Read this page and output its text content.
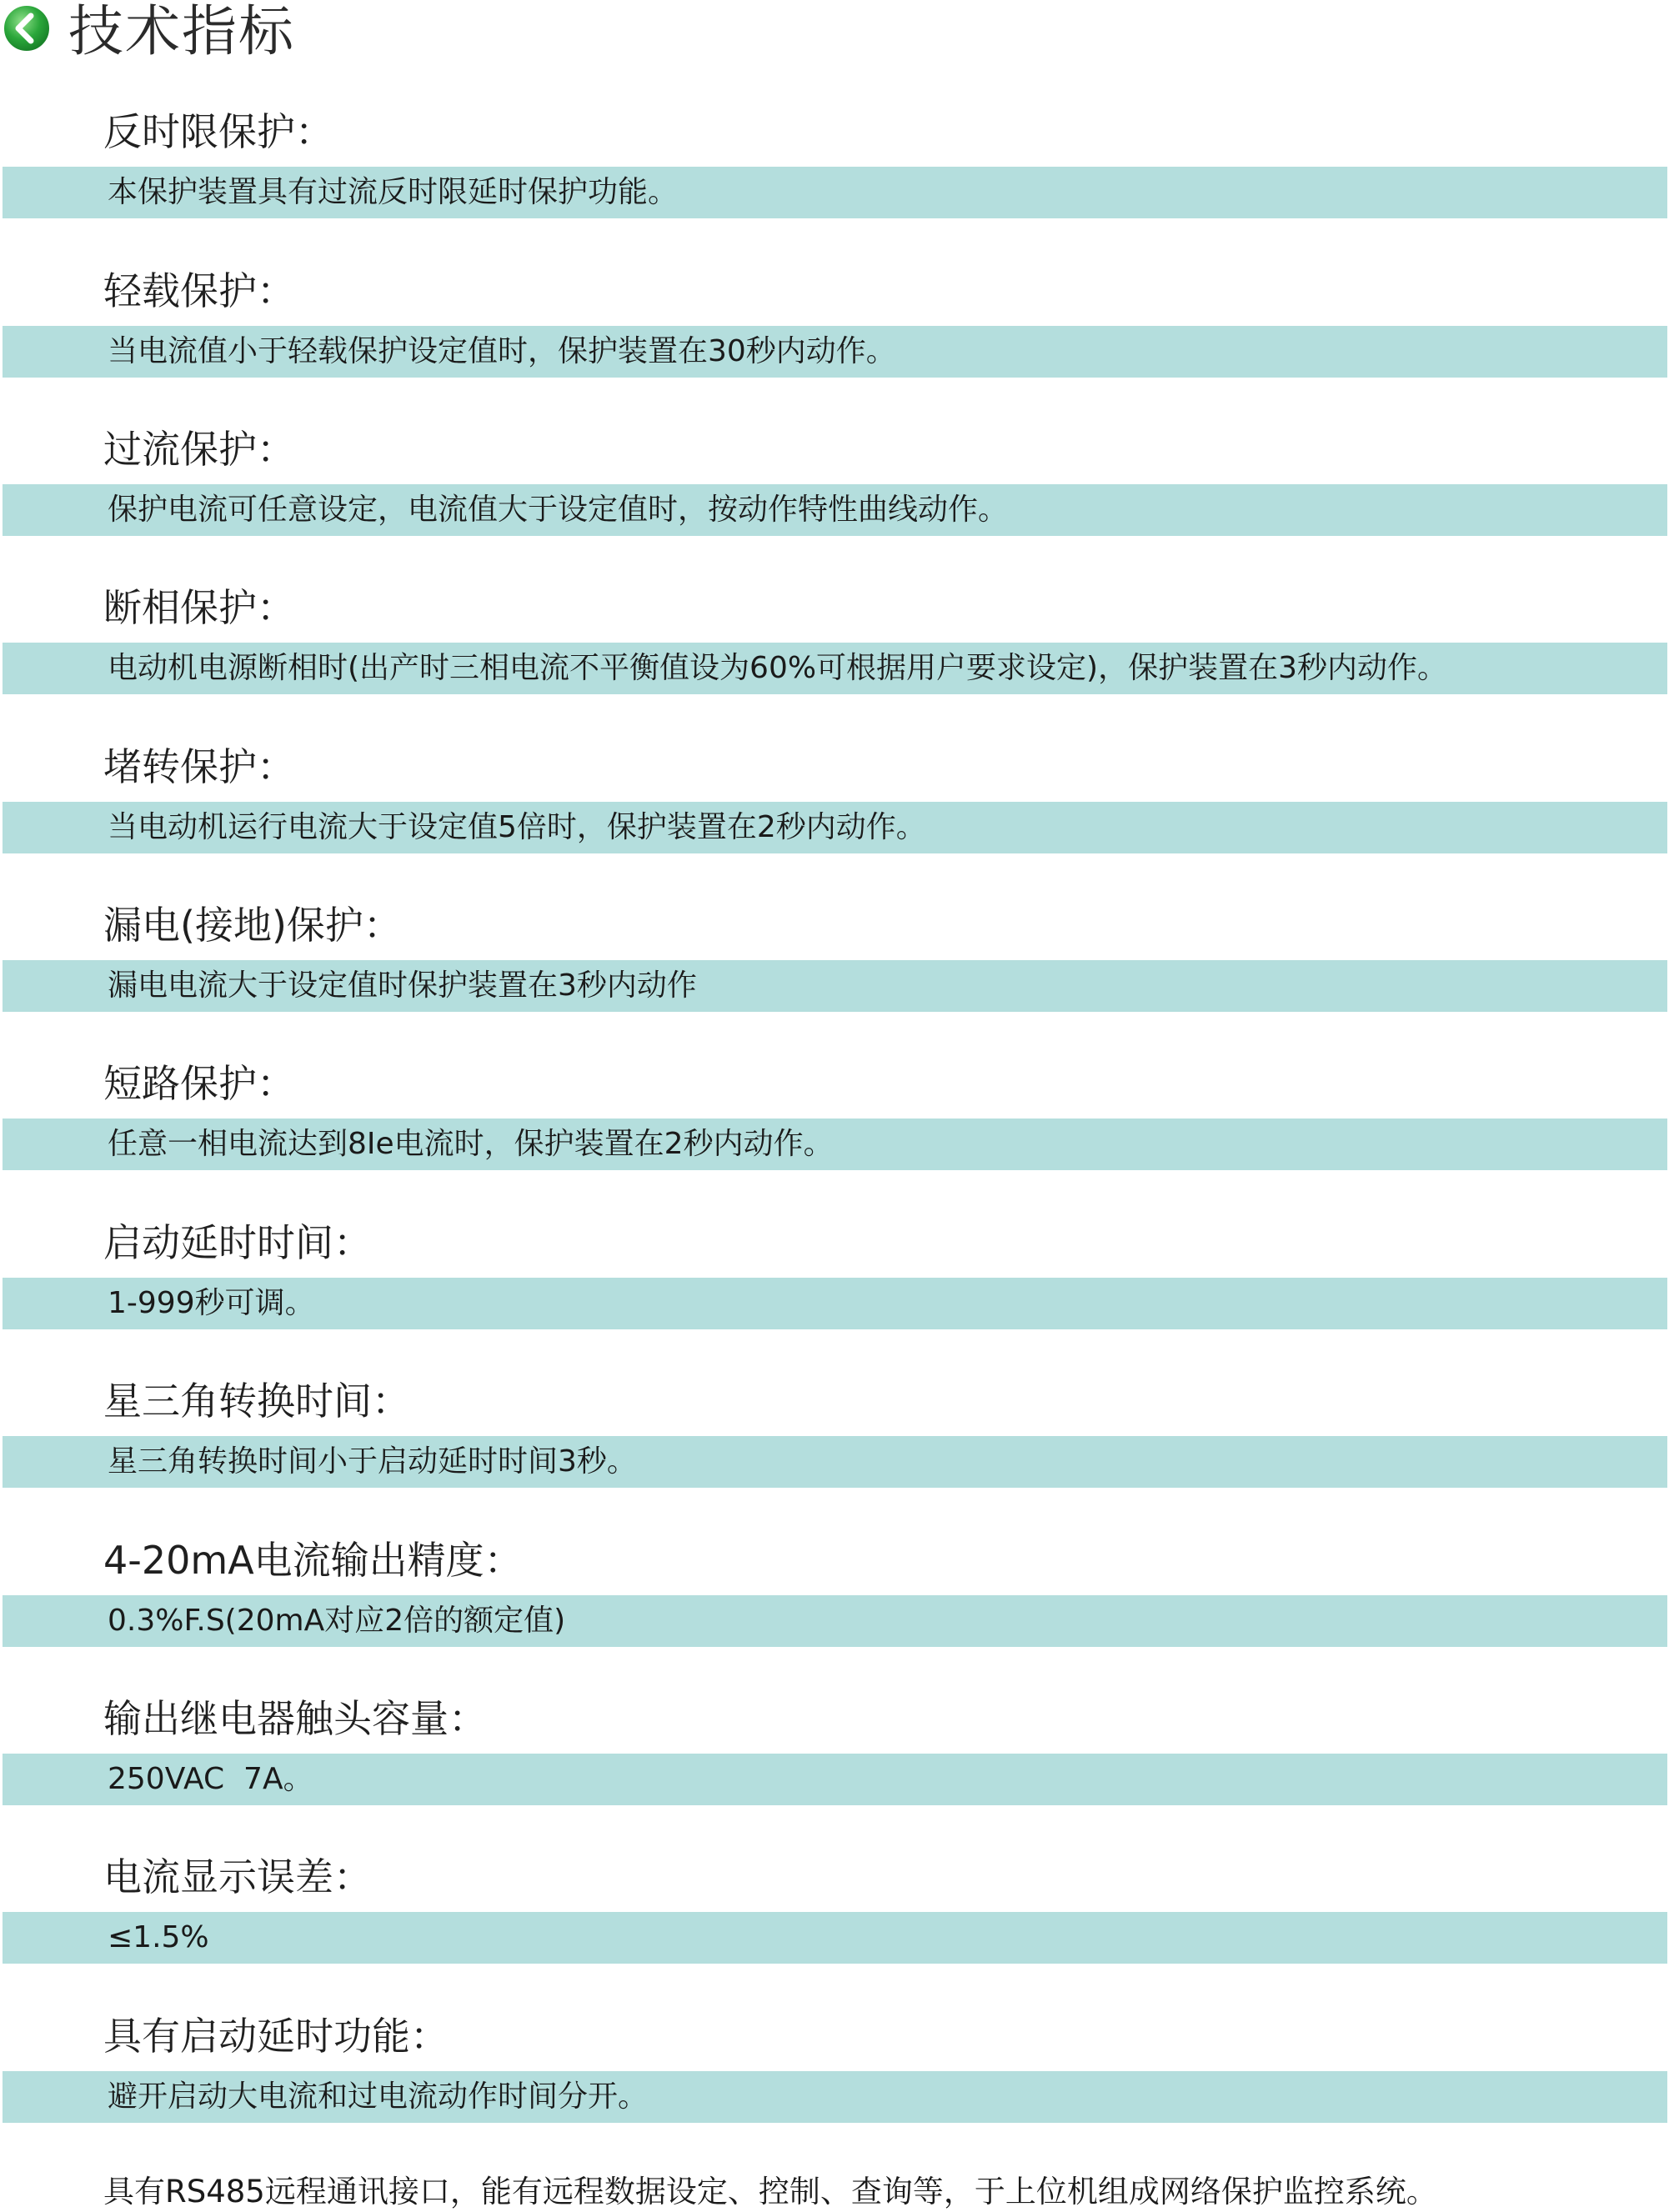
技术指标
反时限保护：
本保护装置具有过流反时限延时保护功能。
轻载保护：
当电流值小于轻载保护设定值时，保护装置在30秒内动作。
过流保护：
保护电流可任意设定，电流值大于设定值时，按动作特性曲线动作。
断相保护：
电动机电源断相时(出产时三相电流不平衡值设为60%可根据用户要求设定)，保护装置在3秒内动作。
堵转保护：
当电动机运行电流大于设定值5倍时，保护装置在2秒内动作。
漏电(接地)保护：
漏电电流大于设定值时保护装置在3秒内动作
短路保护：
任意一相电流达到8Ie电流时，保护装置在2秒内动作。
启动延时时间：
1-999秒可调。
星三角转换时间：
星三角转换时间小于启动延时时间3秒。
4-20mA电流输出精度：
0.3%F.S(20mA对应2倍的额定值)
输出继电器触头容量：
250VAC  7A。
电流显示误差：
≤1.5%
具有启动延时功能：
避开启动大电流和过电流动作时间分开。
具有RS485远程通讯接口，能有远程数据设定、控制、查询等，于上位机组成网络保护监控系统。
